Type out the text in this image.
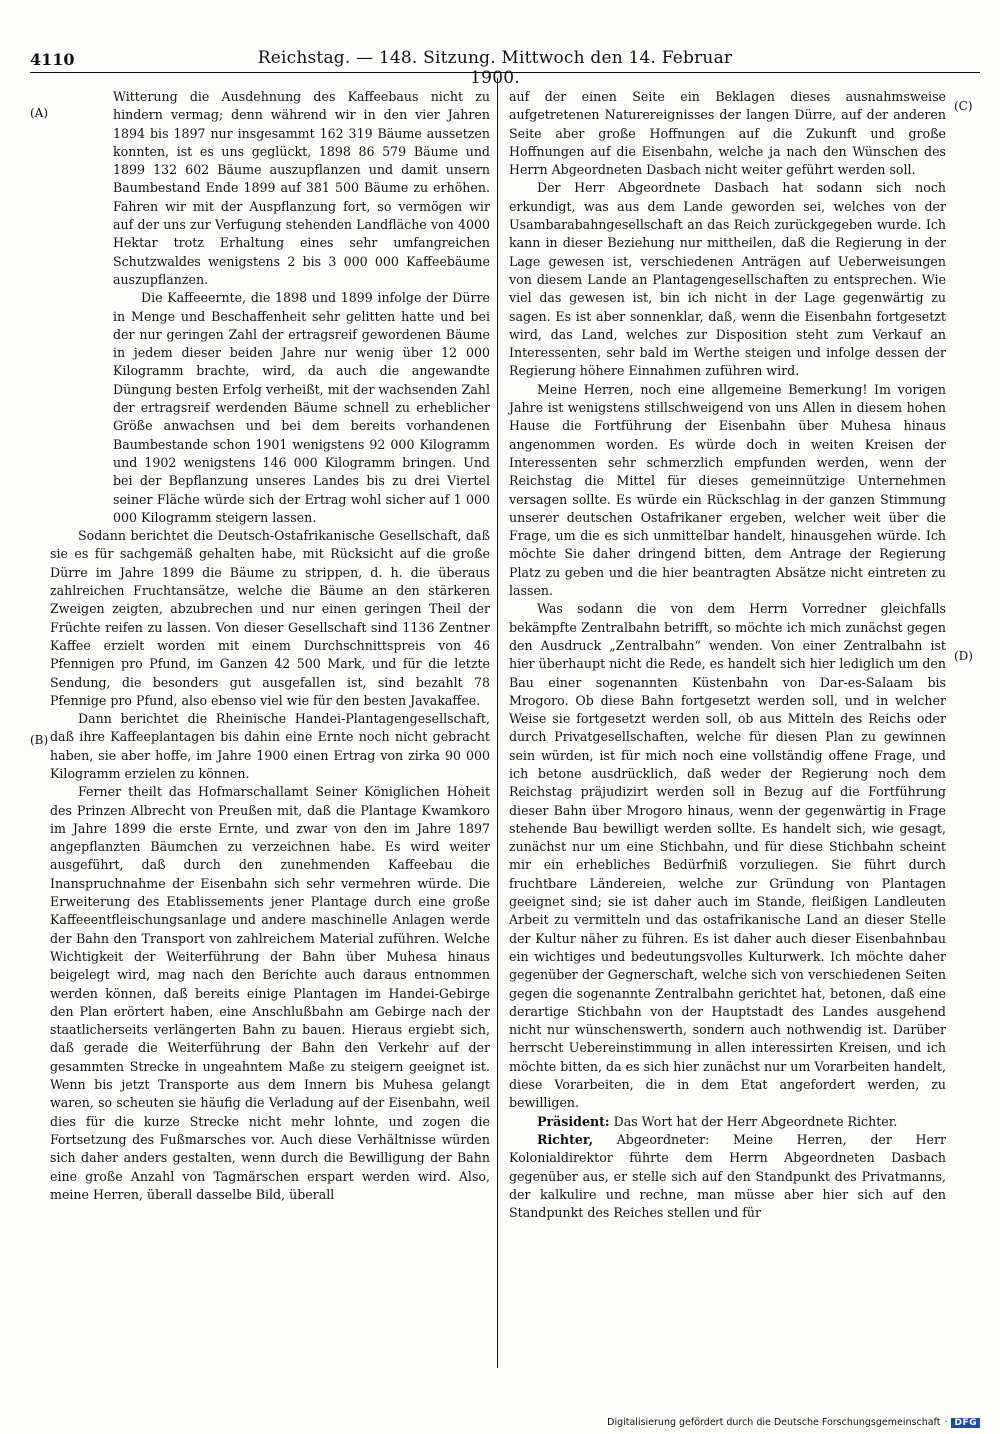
4110	Reichstag. — 148. Sitzung. Mittwoch den 14. Februar 1900.
(A)
(B)
(C)
(D)

Witterung die Ausdehnung des Kaffeebaus nicht zu hindern vermag; denn während wir in den vier Jahren 1894 bis 1897 nur insgesammt 162 319 Bäume aussetzen konnten, ist es uns geglückt, 1898 86 579 Bäume und 1899 132 602 Bäume auszupflanzen und damit unsern Baumbestand Ende 1899 auf 381 500 Bäume zu erhöhen. Fahren wir mit der Auspflanzung fort, so vermögen wir auf der uns zur Verfugung stehenden Landfläche von 4000 Hektar trotz Erhaltung eines sehr umfangreichen Schutzwaldes wenigstens 2 bis 3 000 000 Kaffeebäume auszupflanzen.

Die Kaffeeernte, die 1898 und 1899 infolge der Dürre in Menge und Beschaffenheit sehr gelitten hatte und bei der nur geringen Zahl der ertragsreif gewordenen Bäume in jedem dieser beiden Jahre nur wenig über 12 000 Kilogramm brachte, wird, da auch die angewandte Düngung besten Erfolg verheißt, mit der wachsenden Zahl der ertragsreif werdenden Bäume schnell zu erheblicher Größe anwachsen und bei dem bereits vorhandenen Baumbestande schon 1901 wenigstens 92 000 Kilogramm und 1902 wenigstens 146 000 Kilogramm bringen. Und bei der Bepflanzung unseres Landes bis zu drei Viertel seiner Fläche würde sich der Ertrag wohl sicher auf 1 000 000 Kilogramm steigern lassen.

Sodann berichtet die Deutsch-Ostafrikanische Gesellschaft, daß sie es für sachgemäß gehalten habe, mit Rücksicht auf die große Dürre im Jahre 1899 die Bäume zu strippen, d. h. die überaus zahlreichen Fruchtansätze, welche die Bäume an den stärkeren Zweigen zeigten, abzubrechen und nur einen geringen Theil der Früchte reifen zu lassen. Von dieser Gesellschaft sind 1136 Zentner Kaffee erzielt worden mit einem Durchschnittspreis von 46 Pfennigen pro Pfund, im Ganzen 42 500 Mark, und für die letzte Sendung, die besonders gut ausgefallen ist, sind bezahlt 78 Pfennige pro Pfund, also ebenso viel wie für den besten Javakaffee.

Dann berichtet die Rheinische Handei-Plantagengesellschaft, daß ihre Kaffeeplantagen bis dahin eine Ernte noch nicht gebracht haben, sie aber hoffe, im Jahre 1900 einen Ertrag von zirka 90 000 Kilogramm erzielen zu können.

Ferner theilt das Hofmarschallamt Seiner Königlichen Hoheit des Prinzen Albrecht von Preußen mit, daß die Plantage Kwamkoro im Jahre 1899 die erste Ernte, und zwar von den im Jahre 1897 angepflanzten Bäumchen zu verzeichnen habe. Es wird weiter ausgeführt, daß durch den zunehmenden Kaffeebau die Inanspruchnahme der Eisenbahn sich sehr vermehren würde. Die Erweiterung des Etablissements jener Plantage durch eine große Kaffeeentfleischungsanlage und andere maschinelle Anlagen werde der Bahn den Transport von zahlreichem Material zuführen. Welche Wichtigkeit der Weiterführung der Bahn über Muhesa hinaus beigelegt wird, mag nach den Berichte auch daraus entnommen werden können, daß bereits einige Plantagen im Handei-Gebirge den Plan erörtert haben, eine Anschlußbahn am Gebirge nach der staatlicherseits verlängerten Bahn zu bauen. Hieraus ergiebt sich, daß gerade die Weiterführung der Bahn den Verkehr auf der gesammten Strecke in ungeahntem Maße zu steigern geeignet ist. Wenn bis jetzt Transporte aus dem Innern bis Muhesa gelangt waren, so scheuten sie häufig die Verladung auf der Eisenbahn, weil dies für die kurze Strecke nicht mehr lohnte, und zogen die Fortsetzung des Fußmarsches vor. Auch diese Verhältnisse würden sich daher anders gestalten, wenn durch die Bewilligung der Bahn eine große Anzahl von Tagmärschen erspart werden wird. Also, meine Herren, überall dasselbe Bild, überall

auf der einen Seite ein Beklagen dieses ausnahmsweise aufgetretenen Naturereignisses der langen Dürre, auf der anderen Seite aber große Hoffnungen auf die Zukunft und große Hoffnungen auf die Eisenbahn, welche ja nach den Wünschen des Herrn Abgeordneten Dasbach nicht weiter geführt werden soll.

Der Herr Abgeordnete Dasbach hat sodann sich noch erkundigt, was aus dem Lande geworden sei, welches von der Usambarabahngesellschaft an das Reich zurückgegeben wurde. Ich kann in dieser Beziehung nur mittheilen, daß die Regierung in der Lage gewesen ist, verschiedenen Anträgen auf Ueberweisungen von diesem Lande an Plantagengesellschaften zu entsprechen. Wie viel das gewesen ist, bin ich nicht in der Lage gegenwärtig zu sagen. Es ist aber sonnenklar, daß, wenn die Eisenbahn fortgesetzt wird, das Land, welches zur Disposition steht zum Verkauf an Interessenten, sehr bald im Werthe steigen und infolge dessen der Regierung höhere Einnahmen zuführen wird.

Meine Herren, noch eine allgemeine Bemerkung! Im vorigen Jahre ist wenigstens stillschweigend von uns Allen in diesem hohen Hause die Fortführung der Eisenbahn über Muhesa hinaus angenommen worden. Es würde doch in weiten Kreisen der Interessenten sehr schmerzlich empfunden werden, wenn der Reichstag die Mittel für dieses gemeinnützige Unternehmen versagen sollte. Es würde ein Rückschlag in der ganzen Stimmung unserer deutschen Ostafrikaner ergeben, welcher weit über die Frage, um die es sich unmittelbar handelt, hinausgehen würde. Ich möchte Sie daher dringend bitten, dem Antrage der Regierung Platz zu geben und die hier beantragten Absätze nicht eintreten zu lassen.

Was sodann die von dem Herrn Vorredner gleichfalls bekämpfte Zentralbahn betrifft, so möchte ich mich zunächst gegen den Ausdruck „Zentralbahn“ wenden. Von einer Zentralbahn ist hier überhaupt nicht die Rede, es handelt sich hier lediglich um den Bau einer sogenannten Küstenbahn von Dar-es-Salaam bis Mrogoro. Ob diese Bahn fortgesetzt werden soll, und in welcher Weise sie fortgesetzt werden soll, ob aus Mitteln des Reichs oder durch Privatgesellschaften, welche für diesen Plan zu gewinnen sein würden, ist für mich noch eine vollständig offene Frage, und ich betone ausdrücklich, daß weder der Regierung noch dem Reichstag präjudizirt werden soll in Bezug auf die Fortführung dieser Bahn über Mrogoro hinaus, wenn der gegenwärtig in Frage stehende Bau bewilligt werden sollte. Es handelt sich, wie gesagt, zunächst nur um eine Stichbahn, und für diese Stichbahn scheint mir ein erhebliches Bedürfniß vorzuliegen. Sie führt durch fruchtbare Ländereien, welche zur Gründung von Plantagen geeignet sind; sie ist daher auch im Stande, fleißigen Landleuten Arbeit zu vermitteln und das ostafrikanische Land an dieser Stelle der Kultur näher zu führen. Es ist daher auch dieser Eisenbahnbau ein wichtiges und bedeutungsvolles Kulturwerk. Ich möchte daher gegenüber der Gegnerschaft, welche sich von verschiedenen Seiten gegen die sogenannte Zentralbahn gerichtet hat, betonen, daß eine derartige Stichbahn von der Hauptstadt des Landes ausgehend nicht nur wünschenswerth, sondern auch nothwendig ist. Darüber herrscht Uebereinstimmung in allen interessirten Kreisen, und ich möchte bitten, da es sich hier zunächst nur um Vorarbeiten handelt, diese Vorarbeiten, die in dem Etat angefordert werden, zu bewilligen.

Präsident: Das Wort hat der Herr Abgeordnete Richter.

Richter, Abgeordneter: Meine Herren, der Herr Kolonialdirektor führte dem Herrn Abgeordneten Dasbach gegenüber aus, er stelle sich auf den Standpunkt des Privatmanns, der kalkulire und rechne, man müsse aber hier sich auf den Standpunkt des Reiches stellen und für

Digitalisierung gefördert durch die Deutsche Forschungsgemeinschaft · DFG
